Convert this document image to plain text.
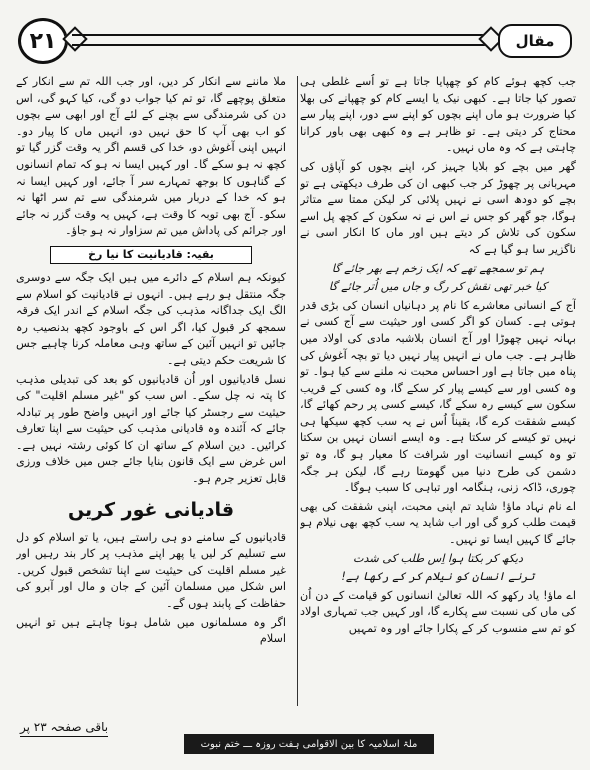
۲۱	مقال

جب کچھ ہوئے کام کو چھپایا جاتا ہے تو اُسے غلطی ہی تصور کیا جاتا ہے۔ کبھی نیک یا ایسے کام کو چھپانے کی بھلا کیا ضرورت ہو ماں اپنے بچوں کو اپنے سے دور، اپنے پیار سے محتاج کر دیتی ہے۔ تو ظاہر ہے وہ کبھی بھی باور کرانا چاہتی ہے کہ وہ ماں نہیں۔

گھر میں بچے کو بلایا جہیز کر، اپنے بچوں کو آپاؤں کی مہربانی پر چھوڑ کر جب کبھی ان کی طرف دیکھتی ہے تو بچے کو دودھ اسی نے نہیں پلائی کر لیکن ممتا سے متاثر ہوگا، جو گھر کو جس نے اس نے نہ سکون کے کچھ پل اسے سکون کی تلاش کر دیتے ہیں اور ماں کا انکار اسی نے ناگزیر سا ہو گیا ہے کہ

ہم تو سمجھے تھے کہ ایک زخم ہے بھر جائے گا

کیا خبر تھی نقش کر رگ و جاں میں اُتر جائے گا

آج کے انسانی معاشرے کا نام پر دہانیاں انسان کی بڑی قدر ہوتی ہے۔ کسان کو اگر کسی اور حیثیت سے آج کسی نے بہانہ نہیں چھوڑا اور آج انسان بلاشبہ مادی کی اولاد میں ظاہر ہے۔ جب ماں نے انہیں پیار نہیں دیا تو بچہ آغوش کی پناہ میں جاتا ہے اور احساس محبت نہ ملنے سے کیا ہوا۔ تو وہ کسی اور سے کیسے پیار کر سکے گا، وہ کسی کے قریب سکون سے کیسے رہ سکے گا، کیسے کسی پر رحم کھائے گا، کیسے شفقت کرے گا، یقیناً اُس نے یہ سب کچھ سیکھا ہی نہیں تو کیسے کر سکتا ہے۔ وہ ایسے انسان نہیں بن سکتا تو وہ کیسے انسانیت اور شرافت کا معیار ہو گا، وہ تو دشمن کی طرح دنیا میں گھومتا رہے گا، لیکن ہر جگہ چوری، ڈاکہ زنی، ہنگامہ اور تباہی کا سبب ہوگا۔

اے نام نہاد ماؤ! شاید تم اپنی محبت، اپنی شفقت کی بھی قیمت طلب کرو گی اور اب شاید یہ سب کچھ بھی نیلام ہو جائے گا کہیں ایسا تو نہیں۔

دیکھ کر بکتا ہوا اِس طلب کی شدت

ترنے انسان کو نیلام کر کے رکھا ہے!

اے ماؤ! یاد رکھو کہ اللہ تعالیٰ انسانوں کو قیامت کے دن اُن کی ماں کی نسبت سے پکارے گا، اور کہیں جب تمہاری اولاد کو تم سے منسوب کر کے پکارا جائے اور وہ تمہیں

ملا ماننے سے انکار کر دیں، اور جب اللہ تم سے انکار کے متعلق پوچھے گا، تو تم کیا جواب دو گی، کیا کہو گی، اس دن کی شرمندگی سے بچنے کے لئے آج اور ابھی سے بچوں کو اب بھی آپ کا حق نہیں دو، انہیں ماں کا پیار دو۔ انہیں اپنی آغوش دو، خدا کی قسم اگر یہ وقت گزر گیا تو کچھ نہ ہو سکے گا۔ اور کہیں ایسا نہ ہو کہ تمام انسانوں کے گناہوں کا بوجھ تمہارے سر آ جائے، اور کہیں ایسا نہ ہو کہ خدا کے دربار میں شرمندگی سے تم سر اٹھا نہ سکو۔ آج بھی توبہ کا وقت ہے، کہیں یہ وقت گزر نہ جائے اور جرائم کی پاداش میں تم سزاوار نہ ہو جاؤ۔

بقیہ: قادیانیت کا نیا رخ

کیونکہ ہم اسلام کے دائرے میں ہیں ایک جگہ سے دوسری جگہ منتقل ہو رہے ہیں۔ انہوں نے قادیانیت کو اسلام سے الگ ایک جداگانہ مذہب کی جگہ اسلام کے اندر ایک فرقہ سمجھ کر قبول کیا، اگر اس کے باوجود کچھ بدنصیب رہ جائیں تو انہیں آئین کے ساتھ وہی معاملہ کرنا چاہیے جس کا شریعت حکم دیتی ہے۔

نسل قادیانیوں اور اُن قادیانیوں کو بعد کی تبدیلی مذہب کا پتہ نہ چل سکے۔ اس سب کو "غیر مسلم اقلیت" کی حیثیت سے رجسٹر کیا جائے اور انہیں واضح طور پر تبادلہ جائے کہ آئندہ وہ قادیانی مذہب کی حیثیت سے اپنا تعارف کرائیں۔ دین اسلام کے ساتھ ان کا کوئی رشتہ نہیں ہے۔ اس غرض سے ایک قانون بنایا جائے جس میں خلاف ورزی قابل تعزیر جرم ہو۔

قادیانی غور کریں

قادیانیوں کے سامنے دو ہی راستے ہیں، یا تو اسلام کو دل سے تسلیم کر لیں یا پھر اپنے مذہب پر کار بند رہیں اور غیر مسلم اقلیت کی حیثیت سے اپنا تشخص قبول کریں۔ اس شکل میں مسلمان آئین کے جان و مال اور آبرو کی حفاظت کے پابند ہوں گے۔

اگر وہ مسلمانوں میں شامل ہونا چاہتے ہیں تو انہیں اسلام

باقی صفحہ ۲۳ پر
ملۃ اسلامیہ کا بین الاقوامی ہفت روزہ ـــ ختم نبوت
